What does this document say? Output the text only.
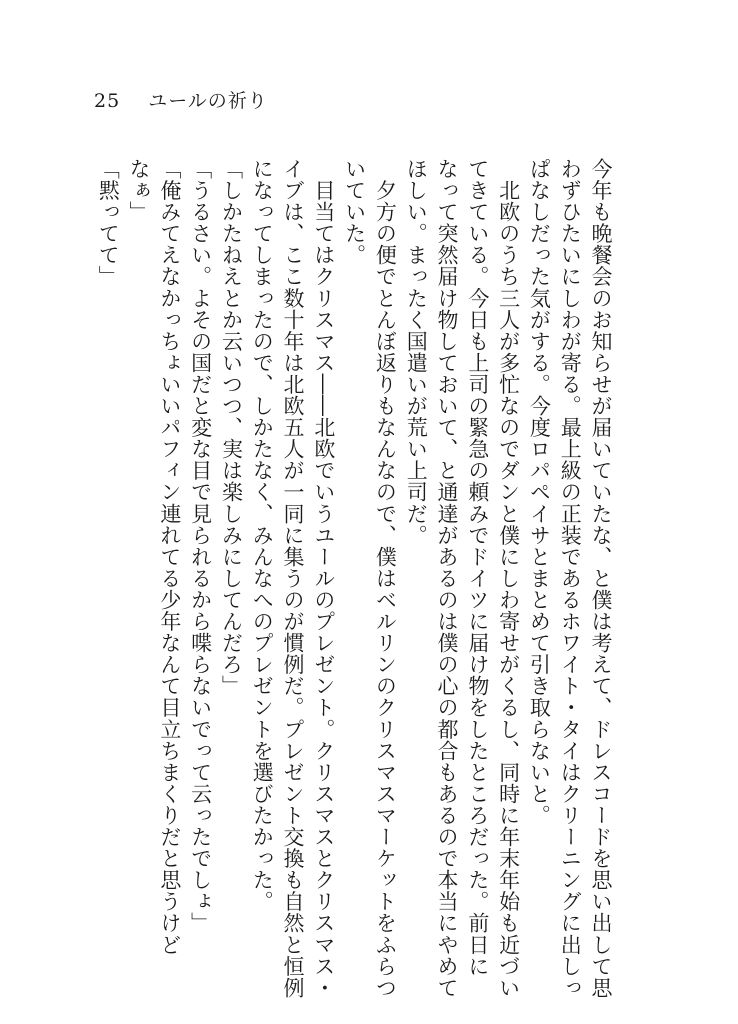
25 ユールの祈り

今年も晩餐会のお知らせが届いていたな、と僕は考えて、ドレスコードを思い出して思

わずひたいにしわが寄る。最上級の正装であるホワイト・タイはクリーニングに出しっ

ぱなしだった気がする。今度ロパペイサとまとめて引き取らないと。

　北欧のうち三人が多忙なのでダンと僕にしわ寄せがくるし、同時に年末年始も近づい

てきている。今日も上司の緊急の頼みでドイツに届け物をしたところだった。前日に

なって突然届け物しておいて、と通達があるのは僕の心の都合もあるので本当にやめて

ほしい。まったく国遣いが荒い上司だ。

　夕方の便でとんぼ返りもなんなので、僕はベルリンのクリスマスマーケットをふらつ

いていた。

　目当てはクリスマス――北欧でいうユールのプレゼント。クリスマスとクリスマス・

イブは、ここ数十年は北欧五人が一同に集うのが慣例だ。プレゼント交換も自然と恒例

になってしまったので、しかたなく、みんなへのプレゼントを選びたかった。

「しかたねえとか云いつつ、実は楽しみにしてんだろ」

「うるさい。よその国だと変な目で見られるから喋らないでって云ったでしょ」

「俺みてえなかっちょいいパフィン連れてる少年なんて目立ちまくりだと思うけど

なぁ」

「黙ってて」
